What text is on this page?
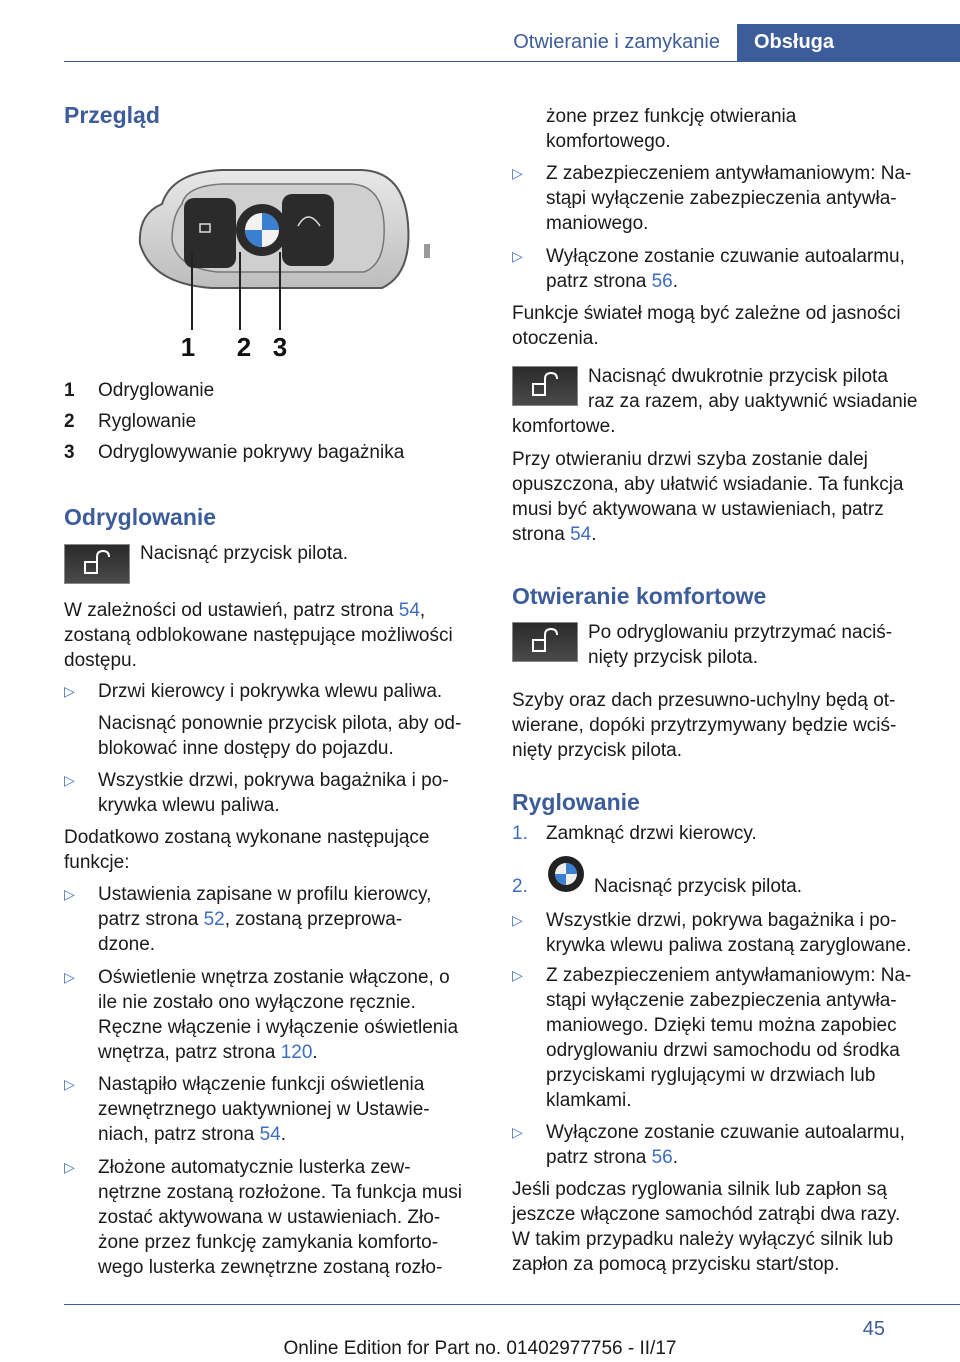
Otwieranie i zamykanie	Obsługa
Przegląd
1 2 3
1 Odryglowanie
2 Ryglowanie
3 Odryglowywanie pokrywy bagażnika
Odryglowanie
Nacisnąć przycisk pilota.
W zależności od ustawień, patrz strona 54,
zostaną odblokowane następujące możliwości
dostępu.
▷ Drzwi kierowcy i pokrywka wlewu paliwa.
Nacisnąć ponownie przycisk pilota, aby od-
blokować inne dostępy do pojazdu.
▷ Wszystkie drzwi, pokrywa bagażnika i po-
krywka wlewu paliwa.
Dodatkowo zostaną wykonane następujące
funkcje:
▷ Ustawienia zapisane w profilu kierowcy,
patrz strona 52, zostaną przeprowa-
dzone.
▷ Oświetlenie wnętrza zostanie włączone, o
ile nie zostało ono wyłączone ręcznie.
Ręczne włączenie i wyłączenie oświetlenia
wnętrza, patrz strona 120.
▷ Nastąpiło włączenie funkcji oświetlenia
zewnętrznego uaktywnionej w Ustawie-
niach, patrz strona 54.
▷ Złożone automatycznie lusterka zew-
nętrzne zostaną rozłożone. Ta funkcja musi
zostać aktywowana w ustawieniach. Zło-
żone przez funkcję zamykania komforto-
wego lusterka zewnętrzne zostaną rozło-
żone przez funkcję otwierania
komfortowego.
▷ Z zabezpieczeniem antywłamaniowym: Na-
stąpi wyłączenie zabezpieczenia antywła-
maniowego.
▷ Wyłączone zostanie czuwanie autoalarmu,
patrz strona 56.
Funkcje świateł mogą być zależne od jasności
otoczenia.
Nacisnąć dwukrotnie przycisk pilota
raz za razem, aby uaktywnić wsiadanie
komfortowe.
Przy otwieraniu drzwi szyba zostanie dalej
opuszczona, aby ułatwić wsiadanie. Ta funkcja
musi być aktywowana w ustawieniach, patrz
strona 54.
Otwieranie komfortowe
Po odryglowaniu przytrzymać naciś-
nięty przycisk pilota.
Szyby oraz dach przesuwno-uchylny będą ot-
wierane, dopóki przytrzymywany będzie wciś-
nięty przycisk pilota.
Ryglowanie
1. Zamknąć drzwi kierowcy.
2.	Nacisnąć przycisk pilota.
▷ Wszystkie drzwi, pokrywa bagażnika i po-
krywka wlewu paliwa zostaną zaryglowane.
▷ Z zabezpieczeniem antywłamaniowym: Na-
stąpi wyłączenie zabezpieczenia antywła-
maniowego. Dzięki temu można zapobiec
odryglowaniu drzwi samochodu od środka
przyciskami ryglującymi w drzwiach lub
klamkami.
▷ Wyłączone zostanie czuwanie autoalarmu,
patrz strona 56.
Jeśli podczas ryglowania silnik lub zapłon są
jeszcze włączone samochód zatrąbi dwa razy.
W takim przypadku należy wyłączyć silnik lub
zapłon za pomocą przycisku start/stop.
45
Online Edition for Part no. 01402977756 - II/17
